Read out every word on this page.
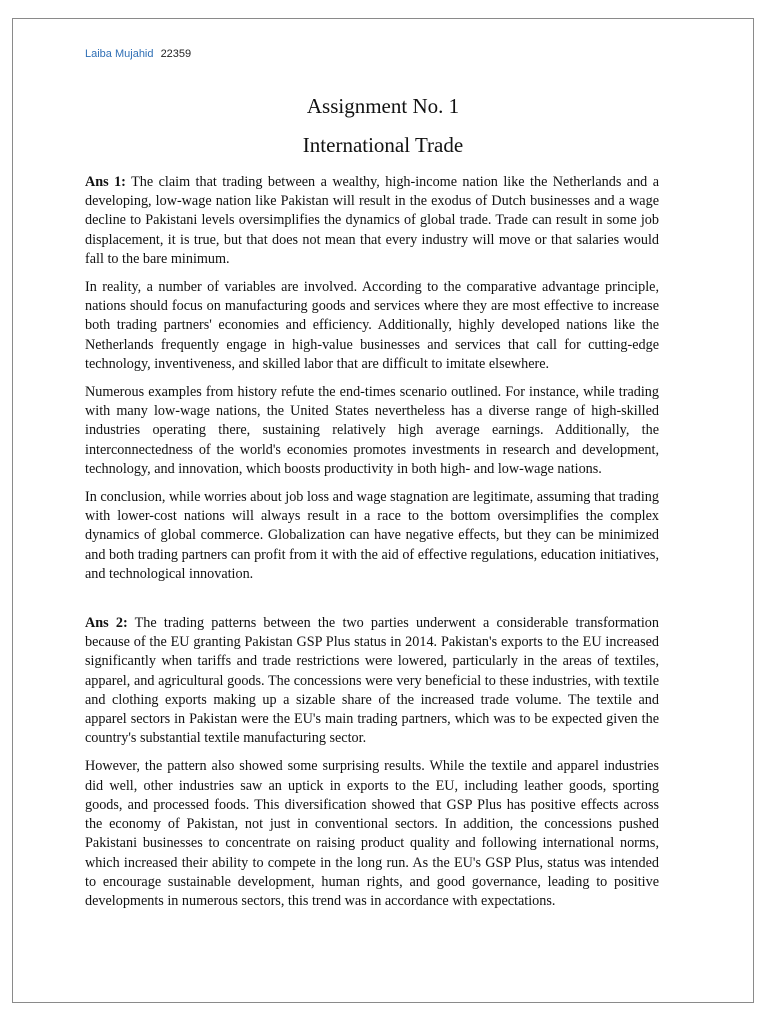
Laiba Mujahid 22359
Assignment No. 1
International Trade

Ans 1: The claim that trading between a wealthy, high-income nation like the Netherlands and a developing, low-wage nation like Pakistan will result in the exodus of Dutch businesses and a wage decline to Pakistani levels oversimplifies the dynamics of global trade. Trade can result in some job displacement, it is true, but that does not mean that every industry will move or that salaries would fall to the bare minimum.

In reality, a number of variables are involved. According to the comparative advantage principle, nations should focus on manufacturing goods and services where they are most effective to increase both trading partners' economies and efficiency. Additionally, highly developed nations like the Netherlands frequently engage in high-value businesses and services that call for cutting-edge technology, inventiveness, and skilled labor that are difficult to imitate elsewhere.

Numerous examples from history refute the end-times scenario outlined. For instance, while trading with many low-wage nations, the United States nevertheless has a diverse range of high-skilled industries operating there, sustaining relatively high average earnings. Additionally, the interconnectedness of the world's economies promotes investments in research and development, technology, and innovation, which boosts productivity in both high- and low-wage nations.

In conclusion, while worries about job loss and wage stagnation are legitimate, assuming that trading with lower-cost nations will always result in a race to the bottom oversimplifies the complex dynamics of global commerce. Globalization can have negative effects, but they can be minimized and both trading partners can profit from it with the aid of effective regulations, education initiatives, and technological innovation.

Ans 2: The trading patterns between the two parties underwent a considerable transformation because of the EU granting Pakistan GSP Plus status in 2014. Pakistan's exports to the EU increased significantly when tariffs and trade restrictions were lowered, particularly in the areas of textiles, apparel, and agricultural goods. The concessions were very beneficial to these industries, with textile and clothing exports making up a sizable share of the increased trade volume. The textile and apparel sectors in Pakistan were the EU's main trading partners, which was to be expected given the country's substantial textile manufacturing sector.

However, the pattern also showed some surprising results. While the textile and apparel industries did well, other industries saw an uptick in exports to the EU, including leather goods, sporting goods, and processed foods. This diversification showed that GSP Plus has positive effects across the economy of Pakistan, not just in conventional sectors. In addition, the concessions pushed Pakistani businesses to concentrate on raising product quality and following international norms, which increased their ability to compete in the long run. As the EU's GSP Plus, status was intended to encourage sustainable development, human rights, and good governance, leading to positive developments in numerous sectors, this trend was in accordance with expectations.
